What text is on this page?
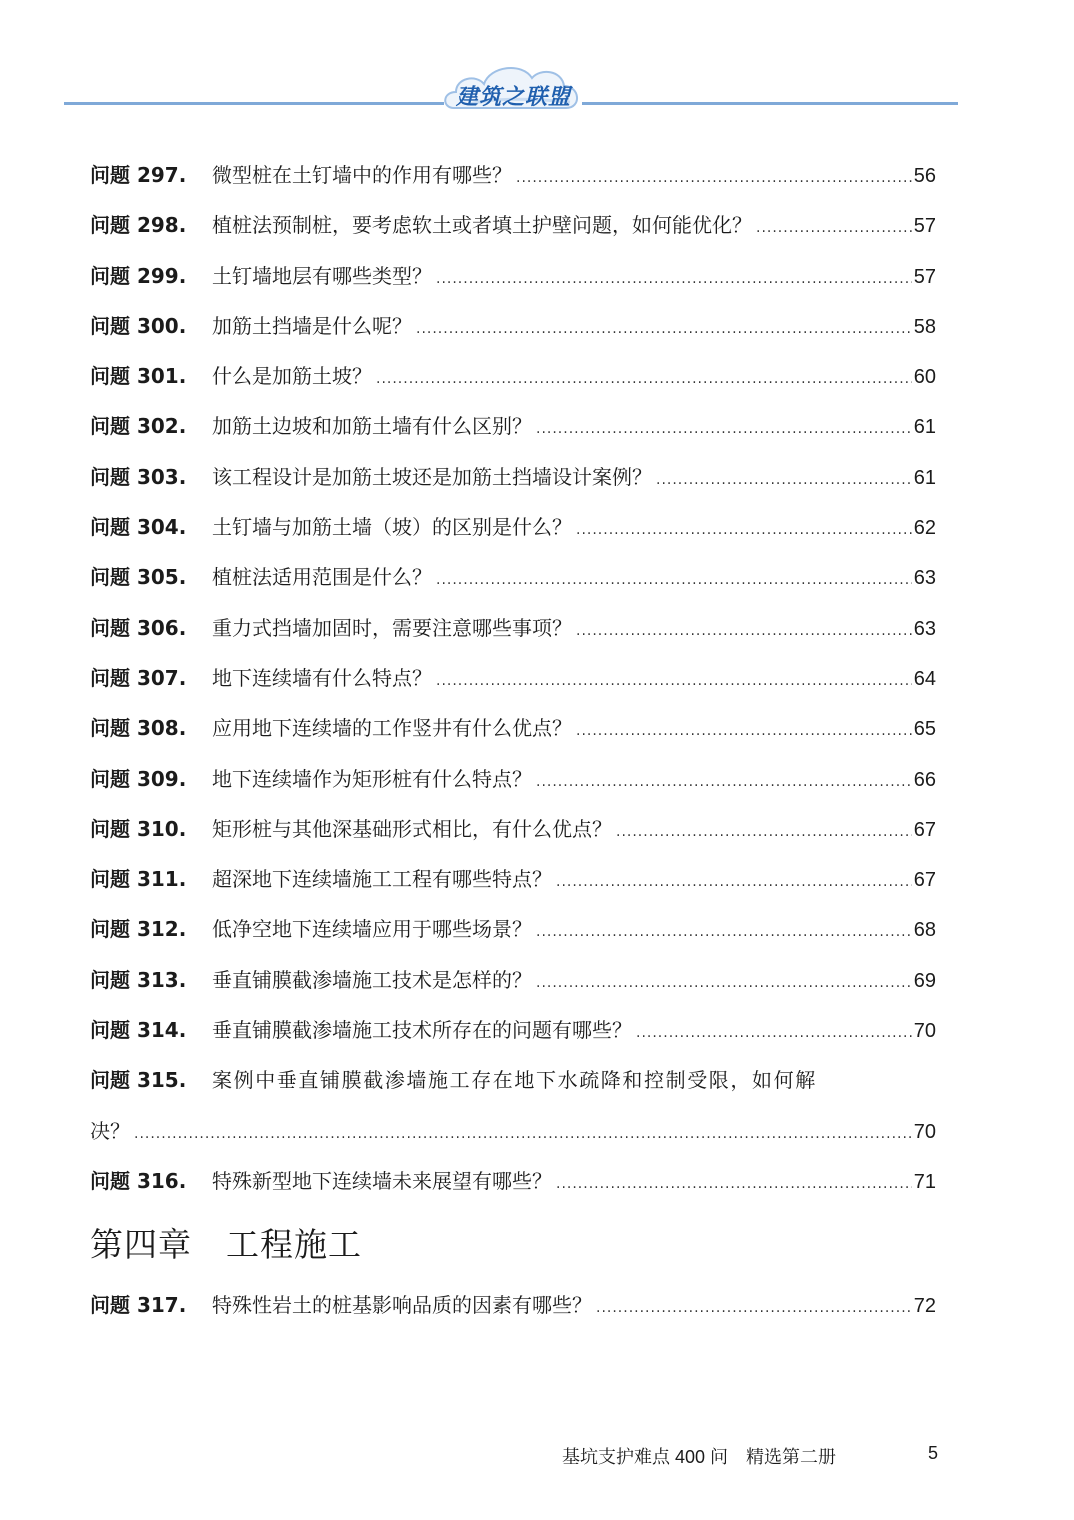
建筑之联盟
问题 297.	微型桩在土钉墙中的作用有哪些？ .....	56
问题 298.	植桩法预制桩，要考虑软土或者填土护壁问题，如何能优化？ .....	57
问题 299.	土钉墙地层有哪些类型？ .....	57
问题 300.	加筋土挡墙是什么呢？ .....	58
问题 301.	什么是加筋土坡？ .....	60
问题 302.	加筋土边坡和加筋土墙有什么区别？ .....	61
问题 303.	该工程设计是加筋土坡还是加筋土挡墙设计案例？ .....	61
问题 304.	土钉墙与加筋土墙（坡）的区别是什么？ .....	62
问题 305.	植桩法适用范围是什么？ .....	63
问题 306.	重力式挡墙加固时，需要注意哪些事项？ .....	63
问题 307.	地下连续墙有什么特点？ .....	64
问题 308.	应用地下连续墙的工作竖井有什么优点？ .....	65
问题 309.	地下连续墙作为矩形桩有什么特点？ .....	66
问题 310.	矩形桩与其他深基础形式相比，有什么优点？ .....	67
问题 311.	超深地下连续墙施工工程有哪些特点？ .....	67
问题 312.	低净空地下连续墙应用于哪些场景？ .....	68
问题 313.	垂直铺膜截渗墙施工技术是怎样的？ .....	69
问题 314.	垂直铺膜截渗墙施工技术所存在的问题有哪些？ .....	70
问题 315. 案例中垂直铺膜截渗墙施工存在地下水疏降和控制受限，如何解
决？ .....	70
问题 316.	特殊新型地下连续墙未来展望有哪些？ .....	71
第四章 工程施工
问题 317.	特殊性岩土的桩基影响品质的因素有哪些？ .....	72
基坑支护难点 400 问　精选第二册	5
